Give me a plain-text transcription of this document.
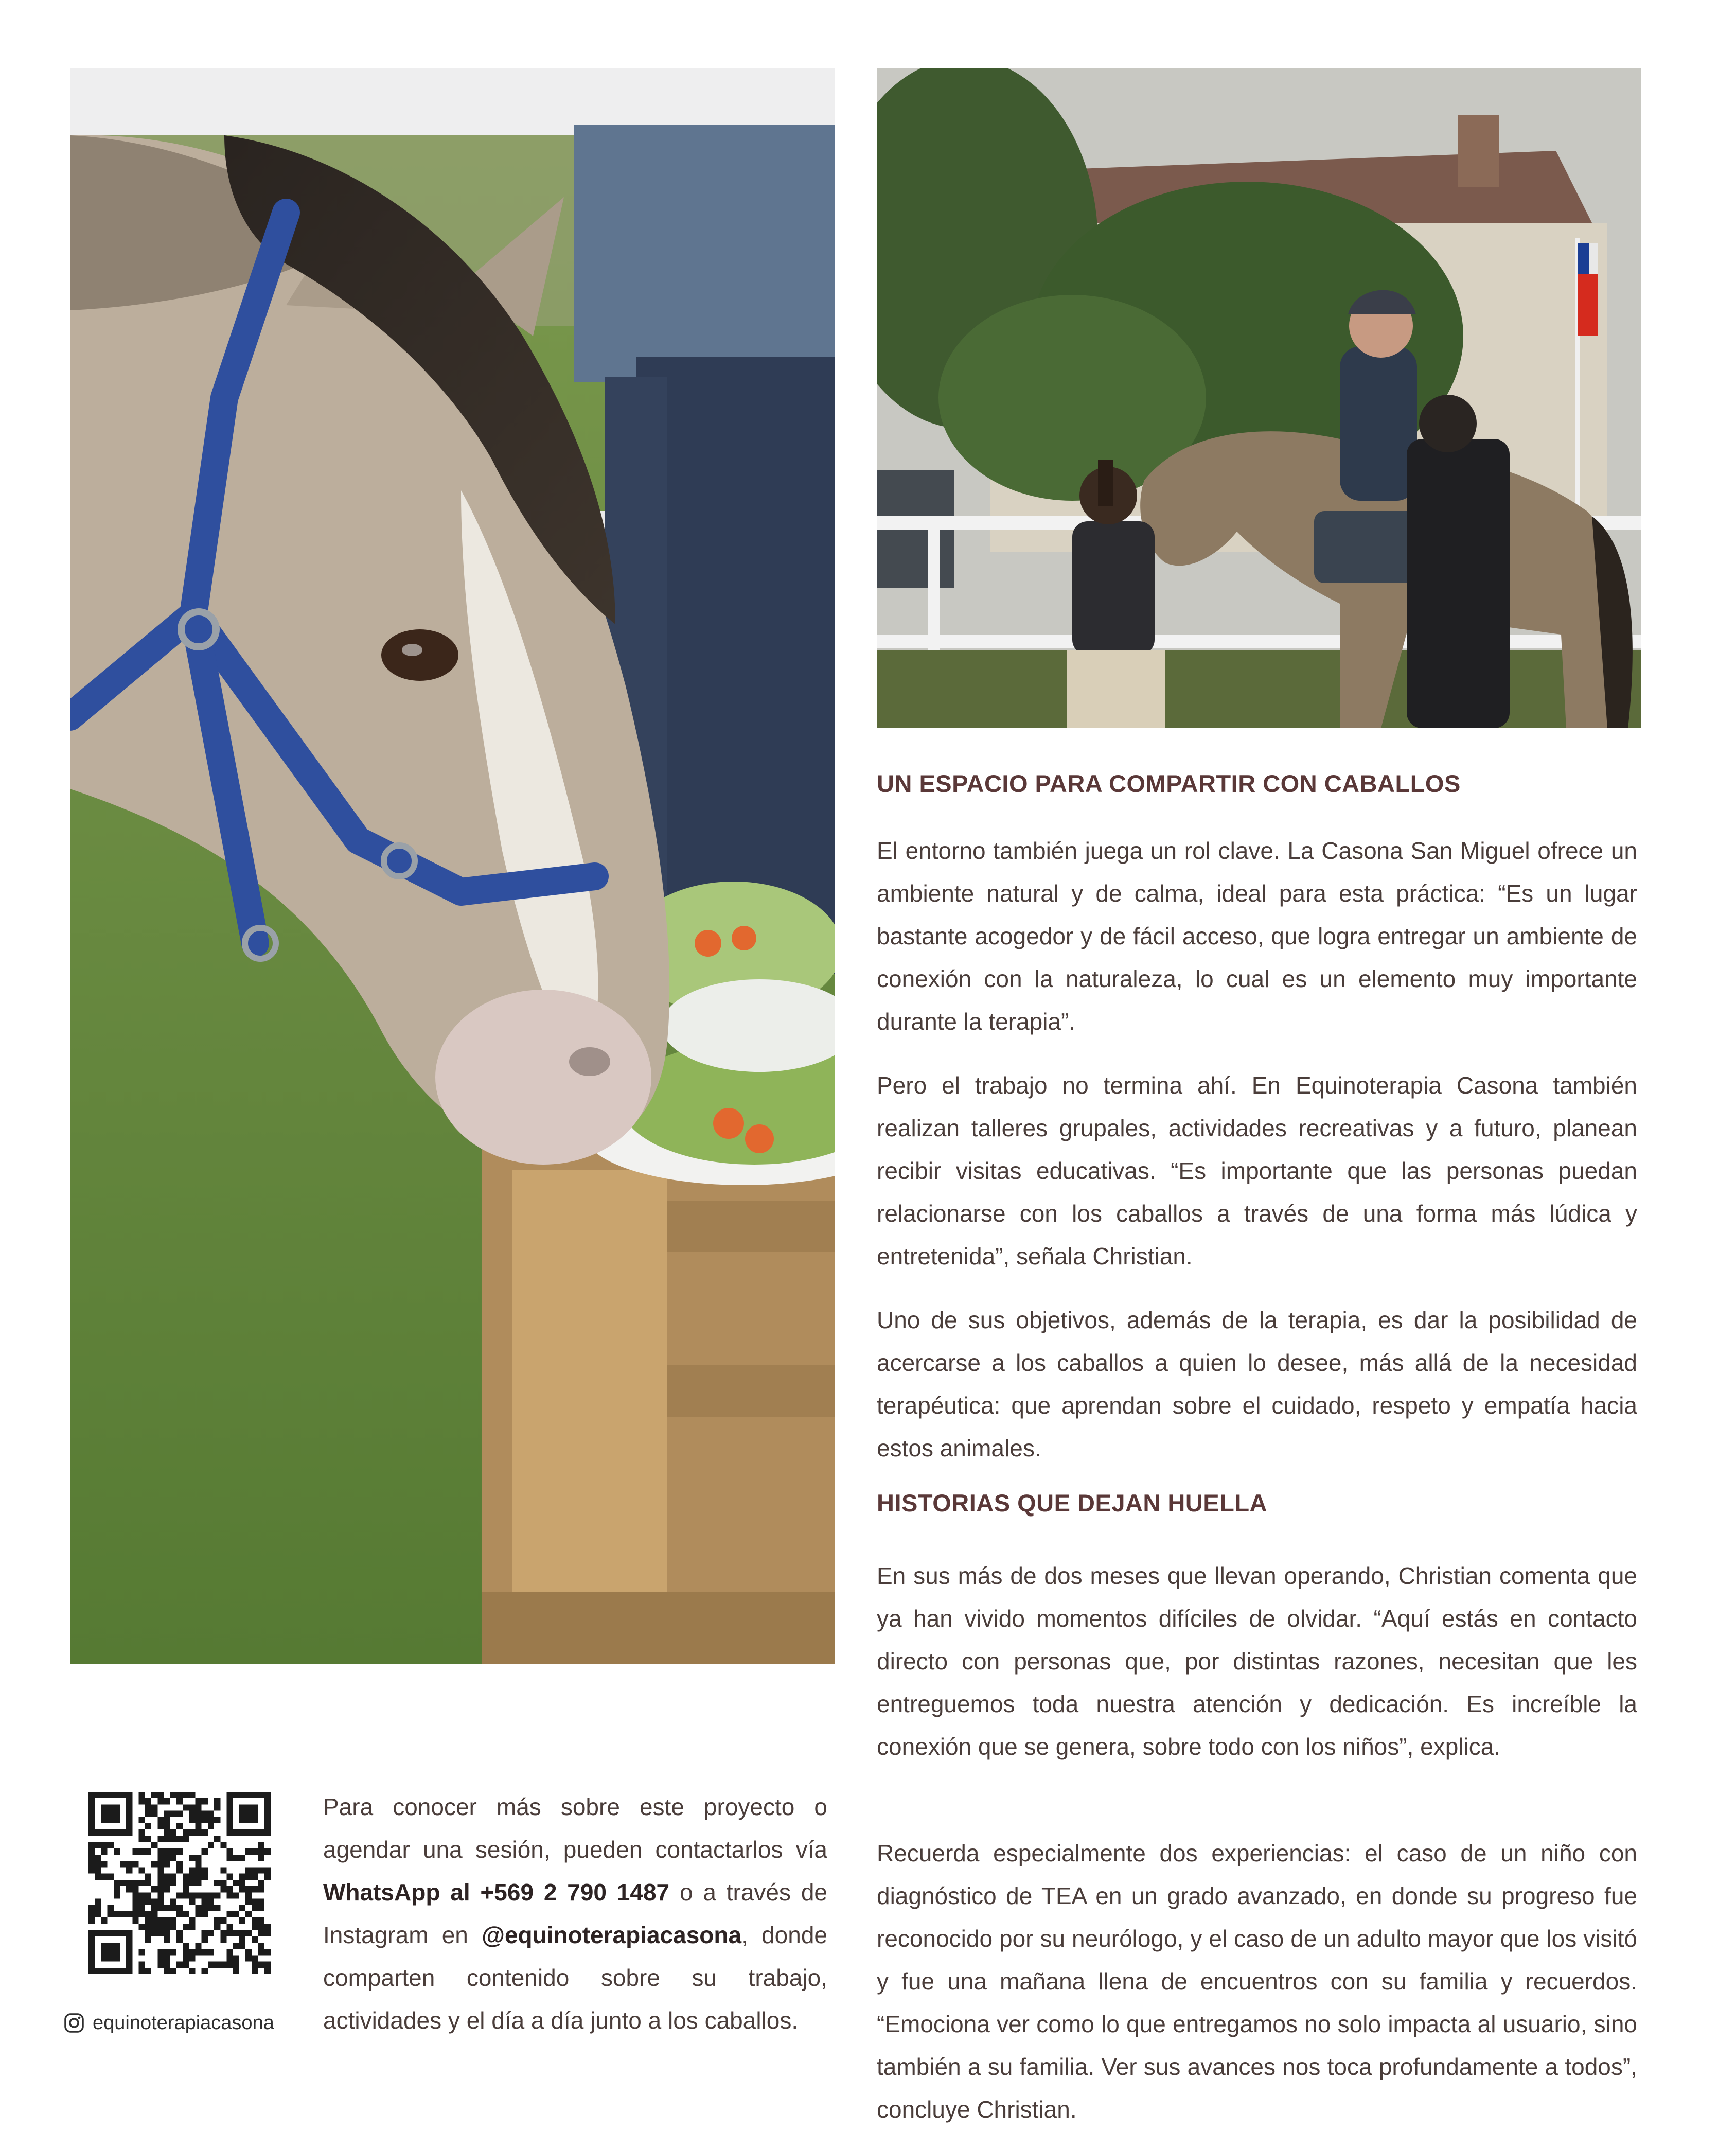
UN ESPACIO PARA COMPARTIR CON CABALLOS

El entorno también juega un rol clave. La Casona San Miguel ofrece un ambiente natural y de calma, ideal para esta práctica: “Es un lugar bastante acogedor y de fácil acceso, que logra entregar un ambiente de conexión con la naturaleza, lo cual es un elemento muy importante durante la terapia”.

Pero el trabajo no termina ahí. En Equinoterapia Casona también realizan talleres grupales, actividades recreativas y a futuro, planean recibir visitas educativas. “Es importante que las personas puedan relacionarse con los caballos a través de una forma más lúdica y entretenida”, señala Christian.

Uno de sus objetivos, además de la terapia, es dar la posibilidad de acercarse a los caballos a quien lo desee, más allá de la necesidad terapéutica: que aprendan sobre el cuidado, respeto y empatía hacia estos animales.

HISTORIAS QUE DEJAN HUELLA

En sus más de dos meses que llevan operando, Christian comenta que ya han vivido momentos difíciles de olvidar. “Aquí estás en contacto directo con personas que, por distintas razones, necesitan que les entreguemos toda nuestra atención y dedicación. Es increíble la conexión que se genera, sobre todo con los niños”, explica.

Recuerda especialmente dos experiencias: el caso de un niño con diagnóstico de TEA en un grado avanzado, en donde su progreso fue reconocido por su neurólogo, y el caso de un adulto mayor que los visitó y fue una mañana llena de encuentros con su familia y recuerdos. “Emociona ver como lo que entregamos no solo impacta al usuario, sino también a su familia. Ver sus avances nos toca profundamente a todos”, concluye Christian.

equinoterapiacasona

Para conocer más sobre este proyecto o agendar una sesión, pueden contactarlos vía WhatsApp al +569 2 790 1487 o a través de Instagram en @equinoterapiacasona, donde comparten contenido sobre su trabajo, actividades y el día a día junto a los caballos.
